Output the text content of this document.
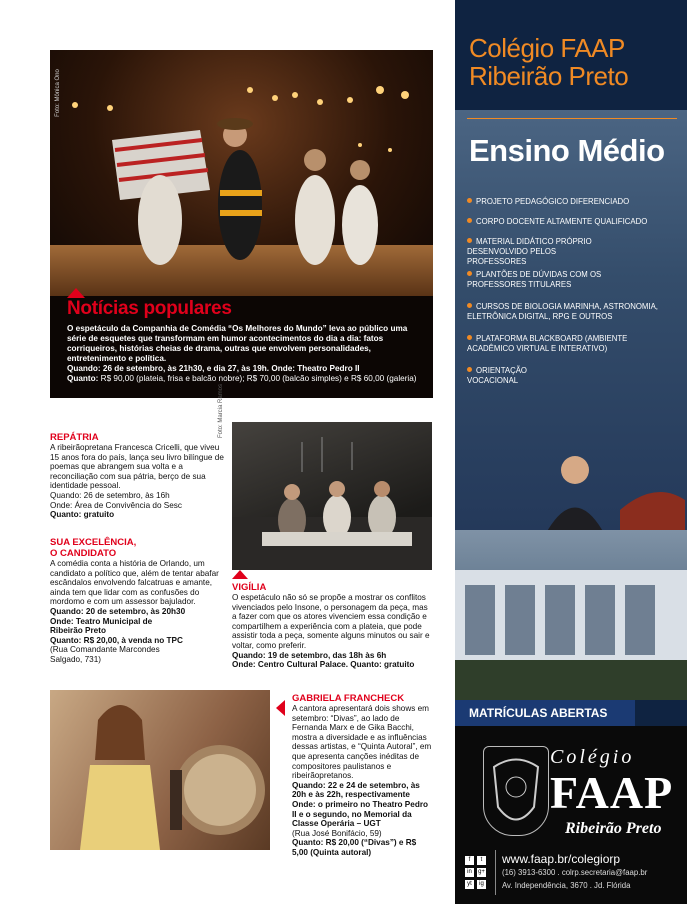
Foto: Mônica Ono
Notícias populares
O espetáculo da Companhia de Comédia “Os Melhores do Mundo” leva ao público uma série de esquetes que transformam em humor acontecimentos do dia a dia: fatos corriqueiros, histórias cheias de drama, outras que envolvem personalidades, entretenimento e política.
Quando: 26 de setembro, às 21h30, e dia 27, às 19h. Onde: Theatro Pedro II
Quanto: R$ 90,00 (plateia, frisa e balcão nobre); R$ 70,00 (balcão simples) e R$ 60,00 (galeria)
REPÁTRIA
A ribeirãopretana Francesca Cricelli, que viveu 15 anos fora do país, lança seu livro bilíngue de poemas que abrangem sua volta e a reconciliação com sua pátria, berço de sua identidade pessoal.
Quando: 26 de setembro, às 16h
Onde: Área de Convivência do Sesc
Quanto: gratuito
SUA EXCELÊNCIA,
O CANDIDATO
A comédia conta a história de Orlando, um candidato a político que, além de tentar abafar escândalos envolvendo falcatruas e amante, ainda tem que lidar com as confusões do mordomo e com um assessor bajulador.
Quando: 20 de setembro, às 20h30
Onde: Teatro Municipal de
Ribeirão Preto
Quanto: R$ 20,00, à venda no TPC
(Rua Comandante Marcondes
Salgado, 731)
Foto: Marcia Ramos
VIGÍLIA
O espetáculo não só se propõe a mostrar os conflitos vivenciados pelo Insone, o personagem da peça, mas a fazer com que os atores vivenciem essa condição e compartilhem a experiência com a plateia, que pode assistir toda a peça, somente alguns minutos ou sair e voltar, como preferir.
Quando: 19 de setembro, das 18h às 6h
Onde: Centro Cultural Palace. Quanto: gratuito
GABRIELA FRANCHECK
A cantora apresentará dois shows em setembro: “Divas”, ao lado de Fernanda Marx e de Gika Bacchi, mostra a diversidade e as influências dessas artistas, e “Quinta Autoral”, em que apresenta canções inéditas de compositores paulistanos e ribeirãopretanos.
Quando: 22 e 24 de setembro, às 20h e às 22h, respectivamente
Onde: o primeiro no Theatro Pedro II e o segundo, no Memorial da Classe Operária – UGT
(Rua José Bonifácio, 59)
Quanto: R$ 20,00 (“Divas”) e R$ 5,00 (Quinta autoral)
Colégio FAAP
Ribeirão Preto
Ensino Médio
PROJETO PEDAGÓGICO DIFERENCIADO
CORPO DOCENTE ALTAMENTE QUALIFICADO
MATERIAL DIDÁTICO PRÓPRIO DESENVOLVIDO PELOS PROFESSORES
PLANTÕES DE DÚVIDAS COM OS PROFESSORES TITULARES
CURSOS DE BIOLOGIA MARINHA, ASTRONOMIA, ELETRÔNICA DIGITAL, RPG E OUTROS
PLATAFORMA BLACKBOARD (AMBIENTE ACADÊMICO VIRTUAL E INTERATIVO)
ORIENTAÇÃO VOCACIONAL
MATRÍCULAS ABERTAS
Colégio
FAAP
Ribeirão Preto
f	t
in	g+
yt	ig
www.faap.br/colegiorp
(16) 3913-6300 . colrp.secretaria@faap.br
Av. Independência, 3670 . Jd. Flórida
